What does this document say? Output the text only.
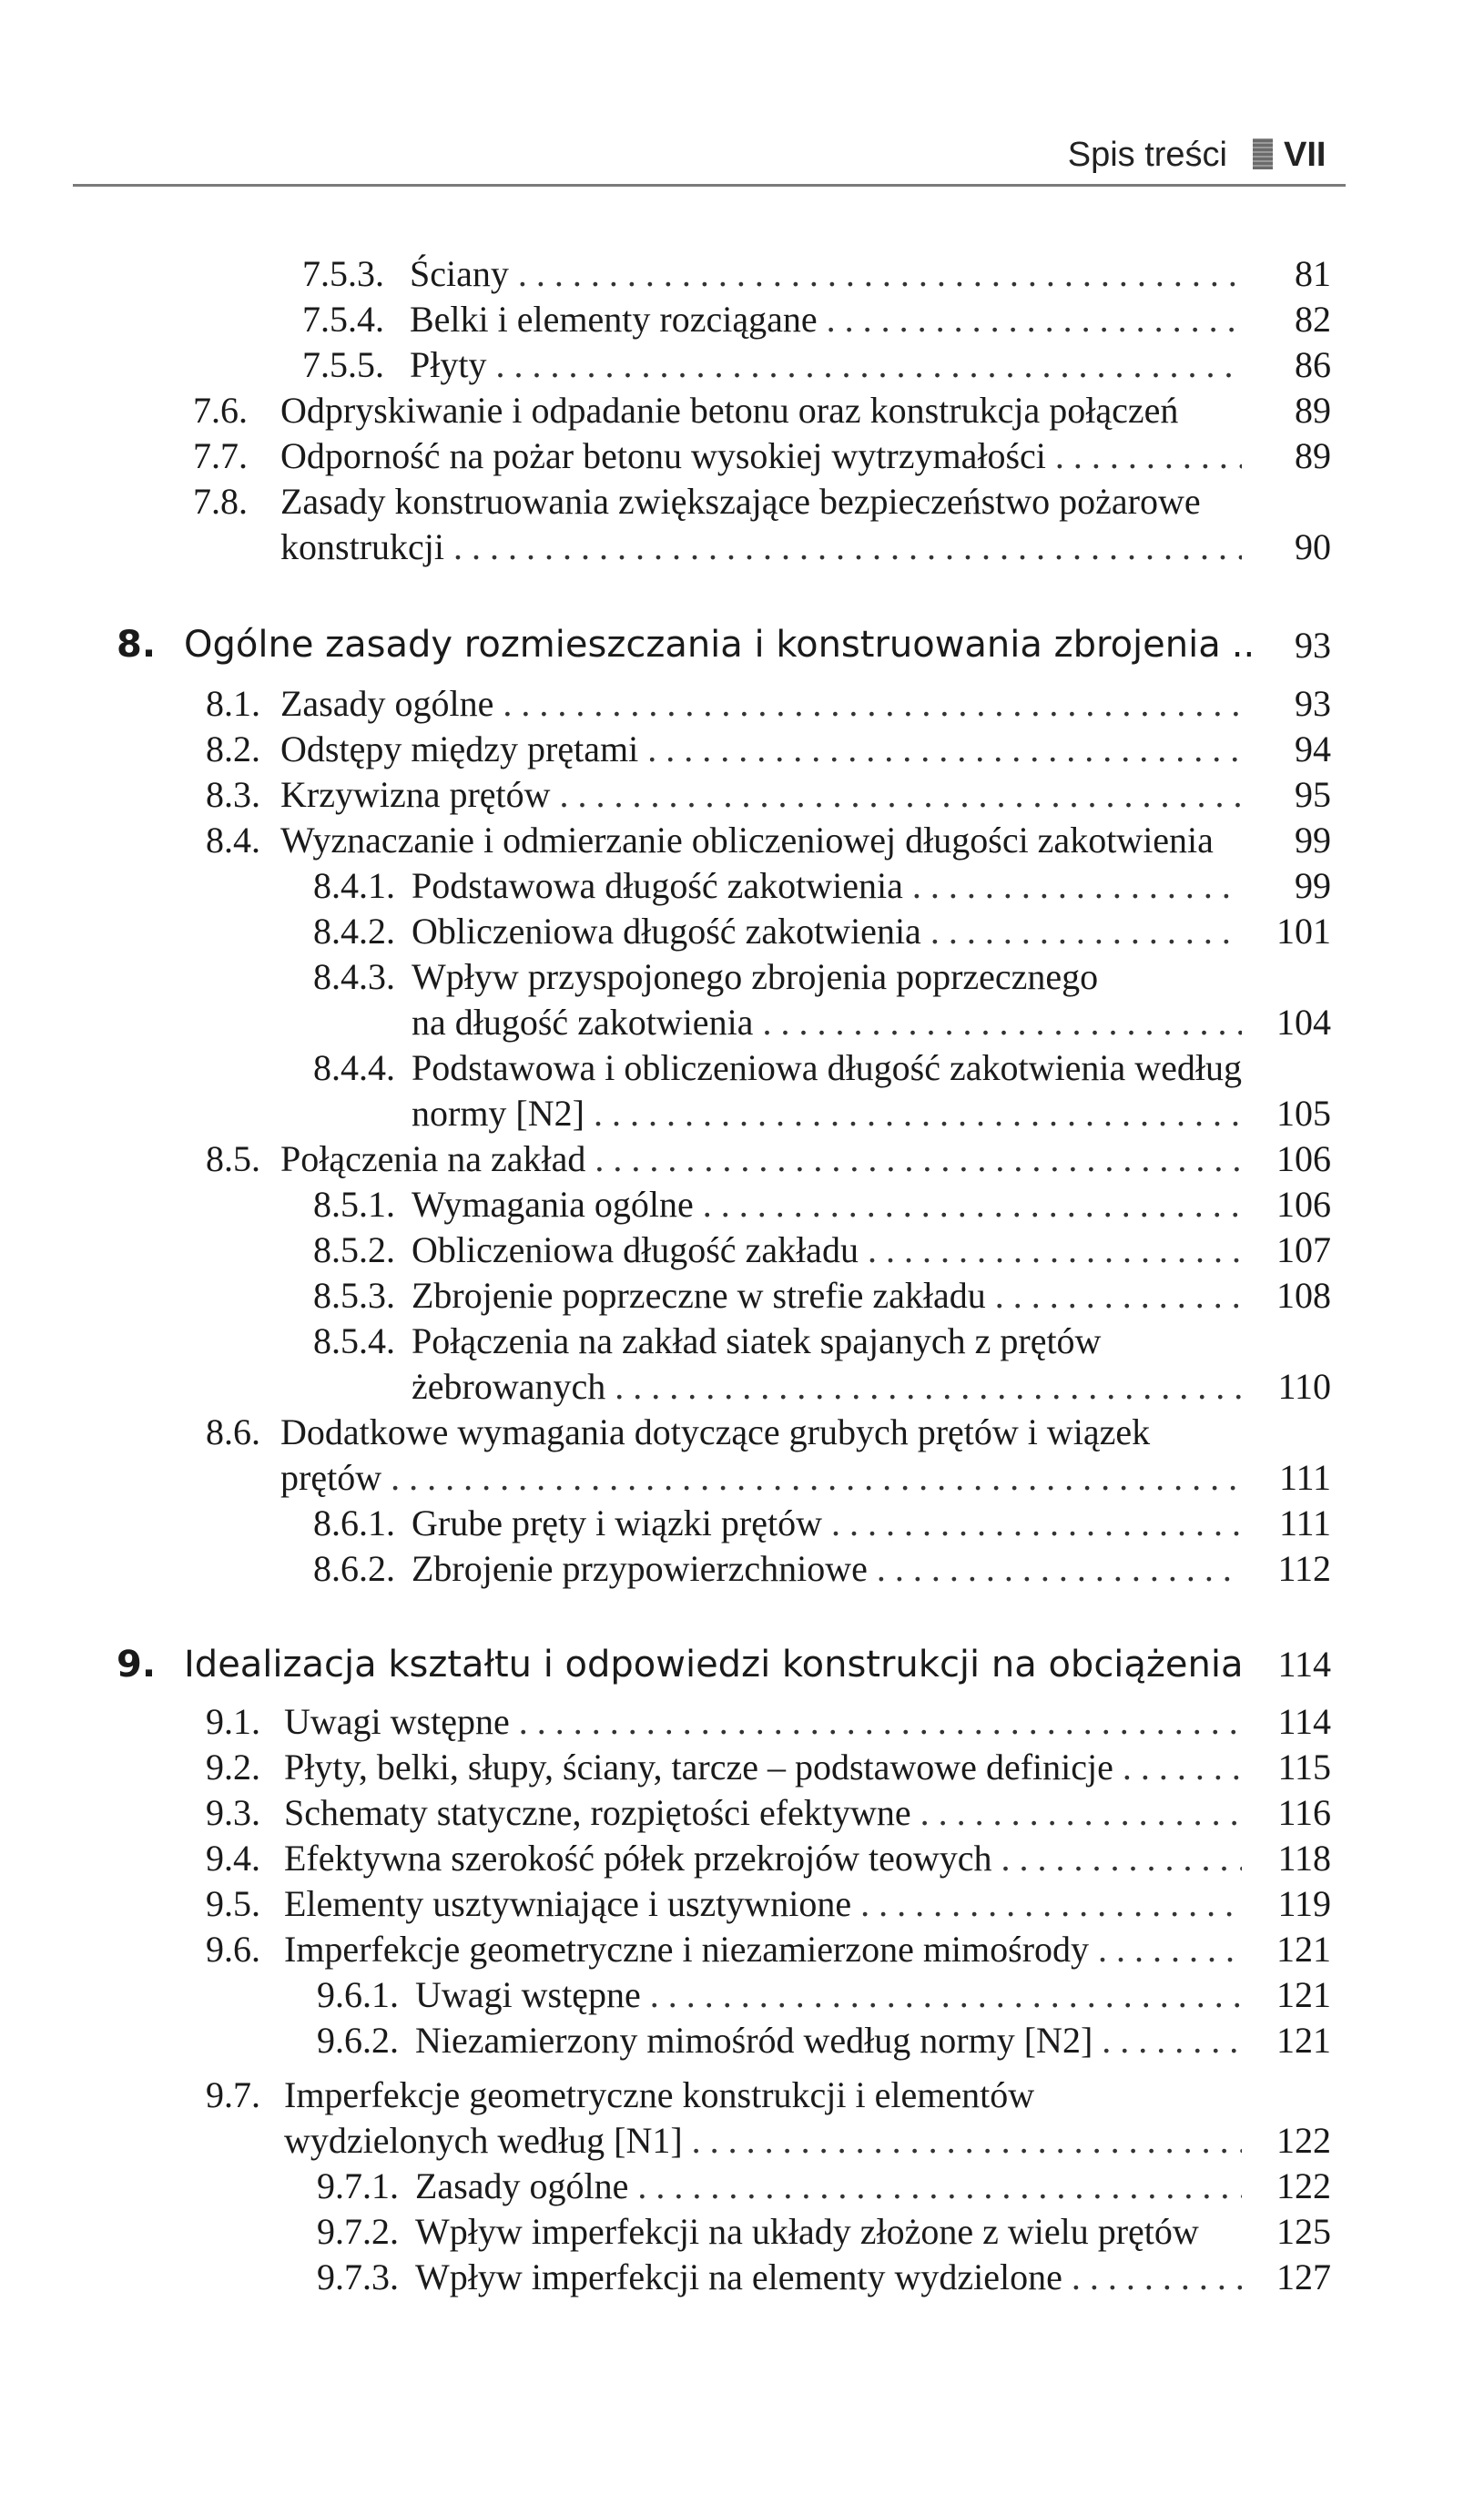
Spis treści VII
7.5.3. Ściany . . .	81
7.5.4. Belki i elementy rozciągane . . .	82
7.5.5. Płyty . . .	86
7.6. Odpryskiwanie i odpadanie betonu oraz konstrukcja połączeń	89
7.7. Odporność na pożar betonu wysokiej wytrzymałości . . .	89
7.8. Zasady konstruowania zwiększające bezpieczeństwo pożarowe
konstrukcji . . .	90
8. Ogólne zasady rozmieszczania i konstruowania zbrojenia ..	93
8.1. Zasady ogólne . . .	93
8.2. Odstępy między prętami . . .	94
8.3. Krzywizna prętów . . .	95
8.4. Wyznaczanie i odmierzanie obliczeniowej długości zakotwienia	99
8.4.1. Podstawowa długość zakotwienia . . .	99
8.4.2. Obliczeniowa długość zakotwienia . . .	101
8.4.3. Wpływ przyspojonego zbrojenia poprzecznego
na długość zakotwienia . . .	104
8.4.4. Podstawowa i obliczeniowa długość zakotwienia według
normy [N2] . . .	105
8.5. Połączenia na zakład . . .	106
8.5.1. Wymagania ogólne . . .	106
8.5.2. Obliczeniowa długość zakładu . . .	107
8.5.3. Zbrojenie poprzeczne w strefie zakładu . . .	108
8.5.4. Połączenia na zakład siatek spajanych z prętów
żebrowanych . . .	110
8.6. Dodatkowe wymagania dotyczące grubych prętów i wiązek
prętów . . .	111
8.6.1. Grube pręty i wiązki prętów . . .	111
8.6.2. Zbrojenie przypowierzchniowe . . .	112
9. Idealizacja kształtu i odpowiedzi konstrukcji na obciążenia 114
9.1. Uwagi wstępne . . .	114
9.2. Płyty, belki, słupy, ściany, tarcze – podstawowe definicje . . .	115
9.3. Schematy statyczne, rozpiętości efektywne . . .	116
9.4. Efektywna szerokość półek przekrojów teowych . . .	118
9.5. Elementy usztywniające i usztywnione . . .	119
9.6. Imperfekcje geometryczne i niezamierzone mimośrody . . .	121
9.6.1. Uwagi wstępne . . .	121
9.6.2. Niezamierzony mimośród według normy [N2] . . .	121
9.7. Imperfekcje geometryczne konstrukcji i elementów
wydzielonych według [N1] . . .	122
9.7.1. Zasady ogólne . . .	122
9.7.2. Wpływ imperfekcji na układy złożone z wielu prętów 125
9.7.3. Wpływ imperfekcji na elementy wydzielone . . .	127
